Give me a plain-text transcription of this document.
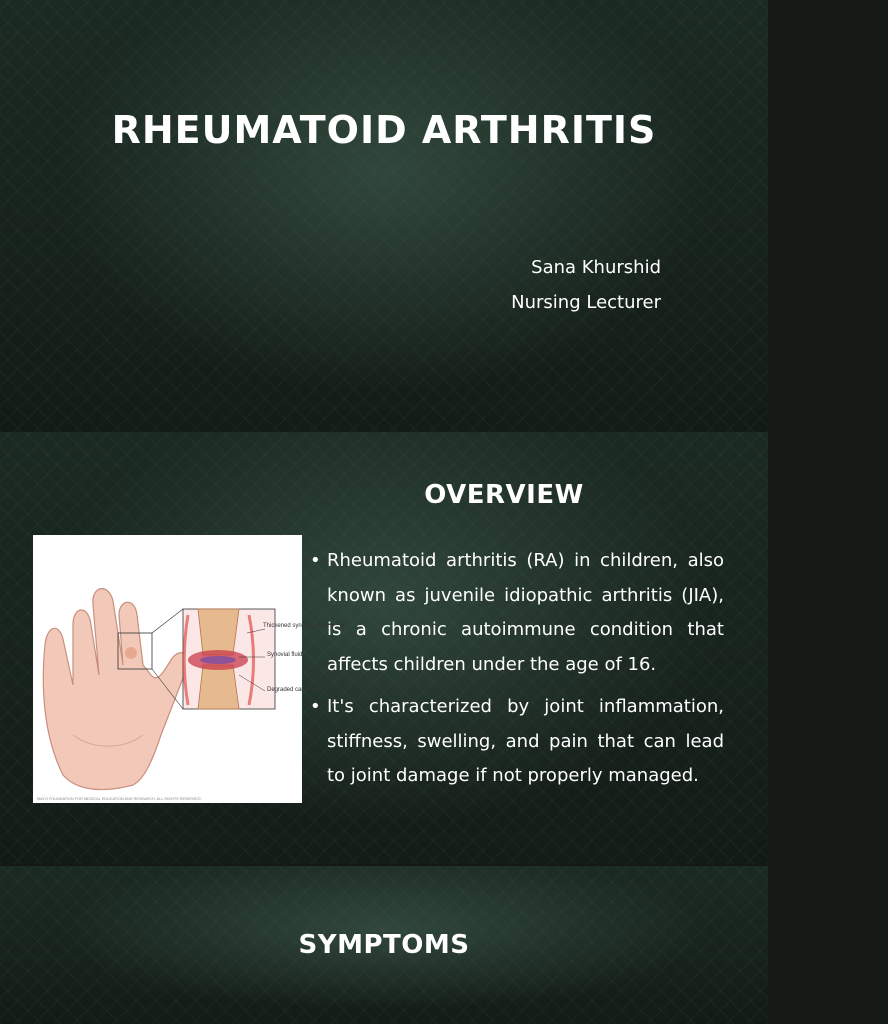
RHEUMATOID ARTHRITIS
Sana Khurshid
Nursing Lecturer
OVERVIEW
Thickened synovial membrane
Synovial fluid
Degraded cartilage
MAYO FOUNDATION FOR MEDICAL EDUCATION AND RESEARCH. ALL RIGHTS RESERVED.
• Rheumatoid arthritis (RA) in children, also known as juvenile idiopathic arthritis (JIA), is a chronic autoimmune condition that affects children under the age of 16.
• It's characterized by joint inflammation, stiffness, swelling, and pain that can lead to joint damage if not properly managed.
SYMPTOMS
